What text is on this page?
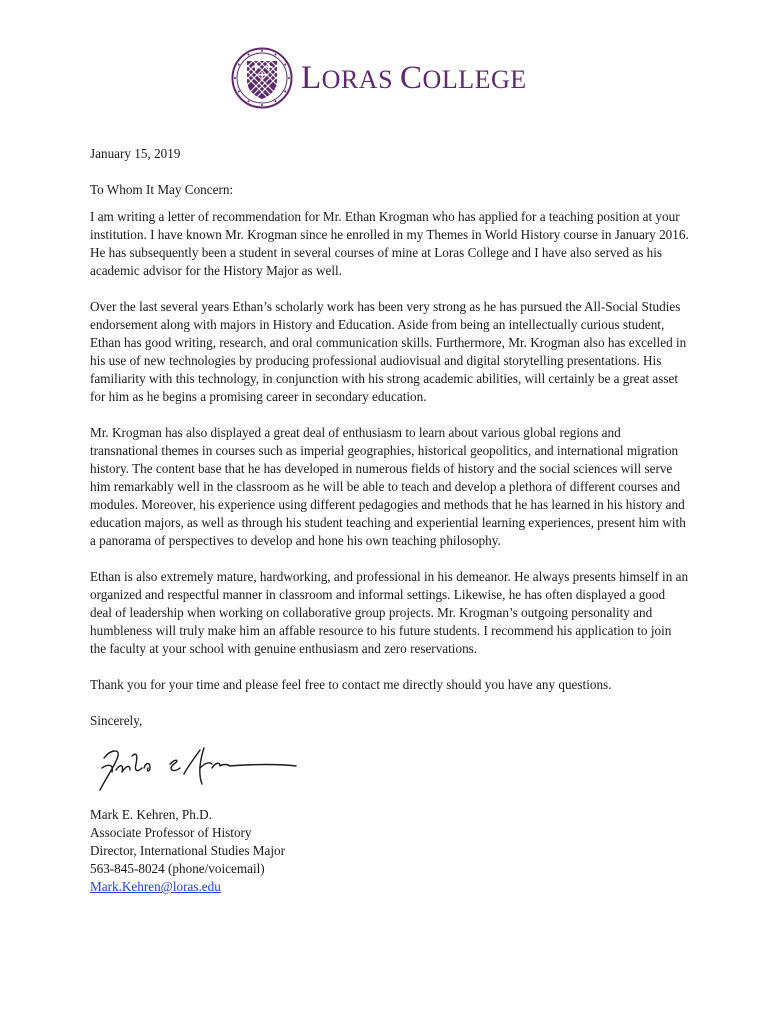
LORAS COLLEGE

January 15, 2019

To Whom It May Concern:

I am writing a letter of recommendation for Mr. Ethan Krogman who has applied for a teaching position at your institution. I have known Mr. Krogman since he enrolled in my Themes in World History course in January 2016. He has subsequently been a student in several courses of mine at Loras College and I have also served as his academic advisor for the History Major as well.

Over the last several years Ethan’s scholarly work has been very strong as he has pursued the All-Social Studies endorsement along with majors in History and Education. Aside from being an intellectually curious student, Ethan has good writing, research, and oral communication skills. Furthermore, Mr. Krogman also has excelled in his use of new technologies by producing professional audiovisual and digital storytelling presentations. His familiarity with this technology, in conjunction with his strong academic abilities, will certainly be a great asset for him as he begins a promising career in secondary education.

Mr. Krogman has also displayed a great deal of enthusiasm to learn about various global regions and transnational themes in courses such as imperial geographies, historical geopolitics, and international migration history. The content base that he has developed in numerous fields of history and the social sciences will serve him remarkably well in the classroom as he will be able to teach and develop a plethora of different courses and modules. Moreover, his experience using different pedagogies and methods that he has learned in his history and education majors, as well as through his student teaching and experiential learning experiences, present him with a panorama of perspectives to develop and hone his own teaching philosophy.

Ethan is also extremely mature, hardworking, and professional in his demeanor. He always presents himself in an organized and respectful manner in classroom and informal settings. Likewise, he has often displayed a good deal of leadership when working on collaborative group projects. Mr. Krogman’s outgoing personality and humbleness will truly make him an affable resource to his future students. I recommend his application to join the faculty at your school with genuine enthusiasm and zero reservations.

Thank you for your time and please feel free to contact me directly should you have any questions.

Sincerely,

Mark E. Kehren, Ph.D.
Associate Professor of History
Director, International Studies Major
563-845-8024 (phone/voicemail)
Mark.Kehren@loras.edu
